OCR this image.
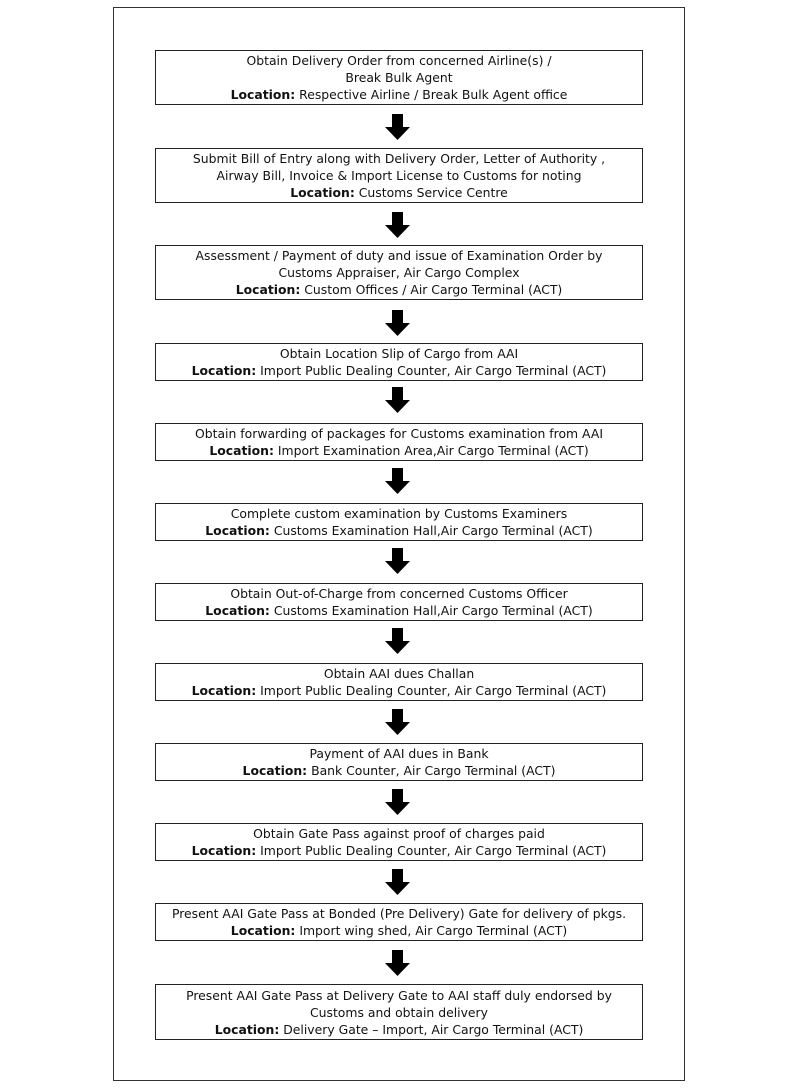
Obtain Delivery Order from concerned Airline(s) /
Break Bulk Agent
Location: Respective Airline / Break Bulk Agent office
Submit Bill of Entry along with Delivery Order, Letter of Authority ,
Airway Bill, Invoice & Import License to Customs for noting
Location: Customs Service Centre
Assessment / Payment of duty and issue of Examination Order by
Customs Appraiser, Air Cargo Complex
Location: Custom Offices / Air Cargo Terminal (ACT)
Obtain Location Slip of Cargo from AAI
Location: Import Public Dealing Counter, Air Cargo Terminal (ACT)
Obtain forwarding of packages for Customs examination from AAI
Location: Import Examination Area,Air Cargo Terminal (ACT)
Complete custom examination by Customs Examiners
Location: Customs Examination Hall,Air Cargo Terminal (ACT)
Obtain Out-of-Charge from concerned Customs Officer
Location: Customs Examination Hall,Air Cargo Terminal (ACT)
Obtain AAI dues Challan
Location: Import Public Dealing Counter, Air Cargo Terminal (ACT)
Payment of AAI dues in Bank
Location: Bank Counter, Air Cargo Terminal (ACT)
Obtain Gate Pass against proof of charges paid
Location: Import Public Dealing Counter, Air Cargo Terminal (ACT)
Present AAI Gate Pass at Bonded (Pre Delivery) Gate for delivery of pkgs.
Location: Import wing shed, Air Cargo Terminal (ACT)
Present AAI Gate Pass at Delivery Gate to AAI staff duly endorsed by
Customs and obtain delivery
Location: Delivery Gate – Import, Air Cargo Terminal (ACT)
